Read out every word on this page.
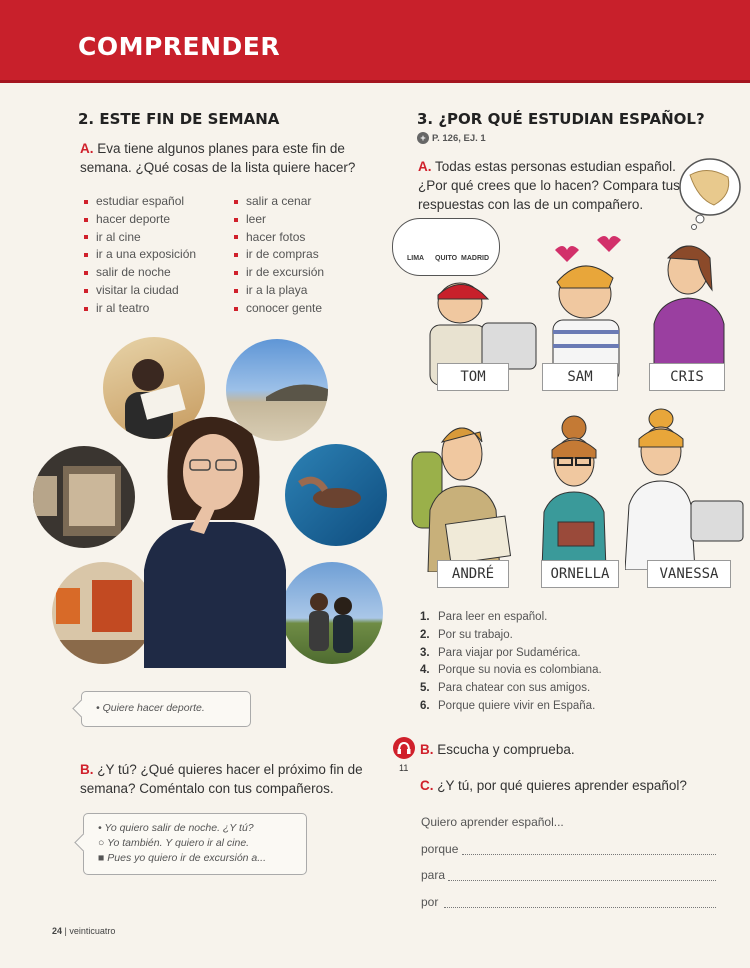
COMPRENDER
2. ESTE FIN DE SEMANA
A. Eva tiene algunos planes para este fin de semana. ¿Qué cosas de la lista quiere hacer?
estudiar español
hacer deporte
ir al cine
ir a una exposición
salir de noche
visitar la ciudad
ir al teatro
salir a cenar
leer
hacer fotos
ir de compras
ir de excursión
ir a la playa
conocer gente
• Quiere hacer deporte.
B. ¿Y tú? ¿Qué quieres hacer el próximo fin de semana? Coméntalo con tus compañeros.
• Yo quiero salir de noche. ¿Y tú?
○ Yo también. Y quiero ir al cine.
■ Pues yo quiero ir de excursión a...
3. ¿POR QUÉ ESTUDIAN ESPAÑOL?
+ P. 126, EJ. 1
A. Todas estas personas estudian español. ¿Por qué crees que lo hacen? Compara tus respuestas con las de un compañero.
LIMA QUITO MADRID
TOM	SAM	CRIS
ANDRÉ	ORNELLA	VANESSA
1. Para leer en español.
2. Por su trabajo.
3. Para viajar por Sudamérica.
4. Porque su novia es colombiana.
5. Para chatear con sus amigos.
6. Porque quiere vivir en España.
11
B. Escucha y comprueba.
C. ¿Y tú, por qué quieres aprender español?
Quiero aprender español...
porque
para
por
24 | veinticuatro
